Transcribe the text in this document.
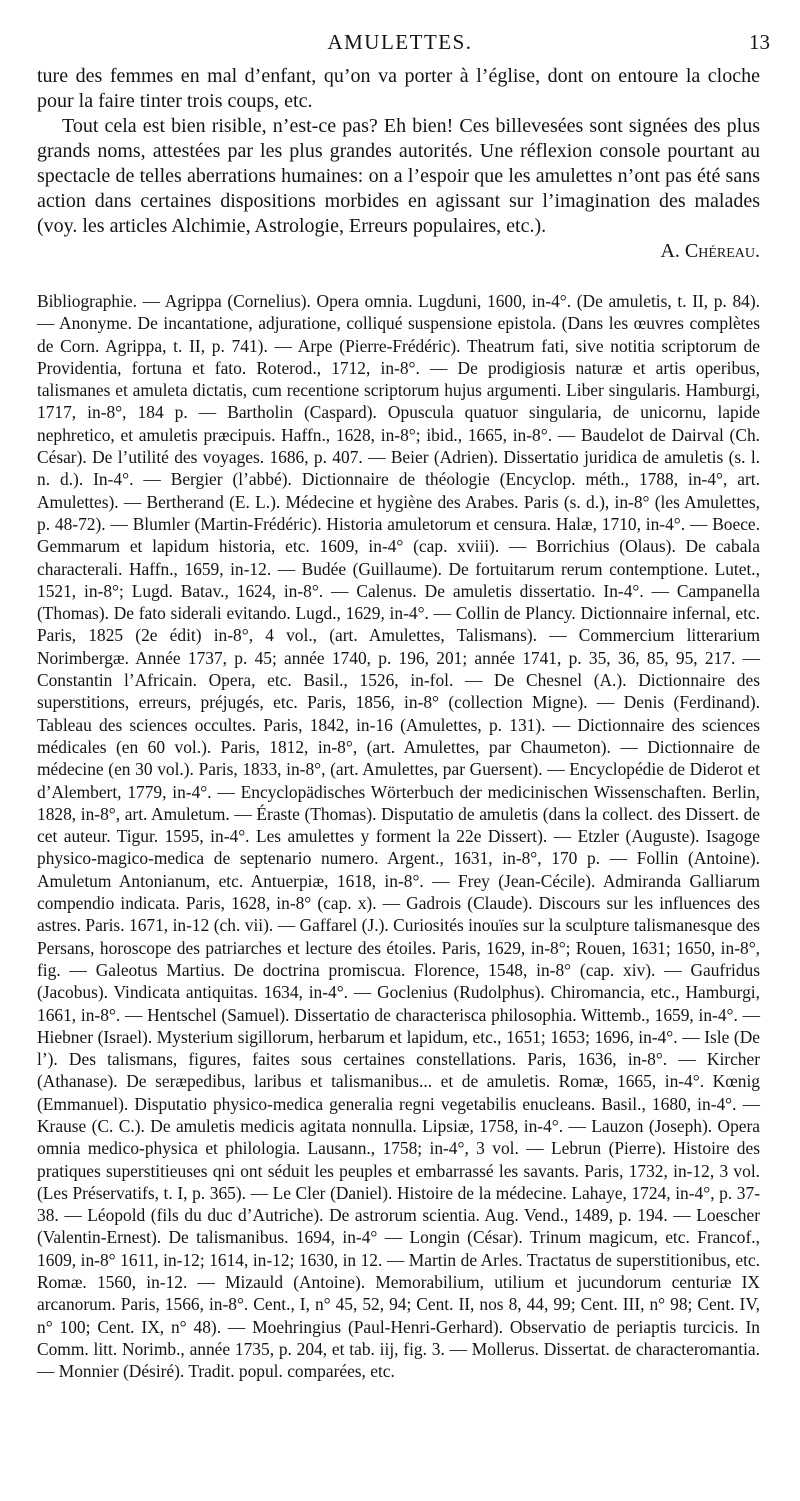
AMULETTES.	13

ture des femmes en mal d’enfant, qu’on va porter à l’église, dont on entoure la cloche pour la faire tinter trois coups, etc.

Tout cela est bien risible, n’est-ce pas? Eh bien! Ces billevesées sont signées des plus grands noms, attestées par les plus grandes autorités. Une réflexion console pourtant au spectacle de telles aberrations humaines: on a l’espoir que les amulettes n’ont pas été sans action dans certaines dispositions morbides en agissant sur l’imagination des malades (voy. les articles Alchimie, Astrologie, Erreurs populaires, etc.).

A. Chéreau.

Bibliographie. — Agrippa (Cornelius). Opera omnia. Lugduni, 1600, in-4°. (De amuletis, t. II, p. 84). — Anonyme. De incantatione, adjuratione, colliqué suspensione epistola. (Dans les œuvres complètes de Corn. Agrippa, t. II, p. 741). — Arpe (Pierre-Frédéric). Theatrum fati, sive notitia scriptorum de Providentia, fortuna et fato. Roterod., 1712, in-8°. — De prodigiosis naturæ et artis operibus, talismanes et amuleta dictatis, cum recentione scriptorum hujus argumenti. Liber singularis. Hamburgi, 1717, in-8°, 184 p. — Bartholin (Caspard). Opuscula quatuor singularia, de unicornu, lapide nephretico, et amuletis præcipuis. Haffn., 1628, in-8°; ibid., 1665, in-8°. — Baudelot de Dairval (Ch. César). De l’utilité des voyages. 1686, p. 407. — Beier (Adrien). Dissertatio juridica de amuletis (s. l. n. d.). In-4°. — Bergier (l’abbé). Dictionnaire de théologie (Encyclop. méth., 1788, in-4°, art. Amulettes). — Bertherand (E. L.). Médecine et hygiène des Arabes. Paris (s. d.), in-8° (les Amulettes, p. 48-72). — Blumler (Martin-Frédéric). Historia amuletorum et censura. Halæ, 1710, in-4°. — Boece. Gemmarum et lapidum historia, etc. 1609, in-4° (cap. xviii). — Borrichius (Olaus). De cabala characterali. Haffn., 1659, in-12. — Budée (Guillaume). De fortuitarum rerum contemptione. Lutet., 1521, in-8°; Lugd. Batav., 1624, in-8°. — Calenus. De amuletis dissertatio. In-4°. — Campanella (Thomas). De fato siderali evitando. Lugd., 1629, in-4°. — Collin de Plancy. Dictionnaire infernal, etc. Paris, 1825 (2e édit) in-8°, 4 vol., (art. Amulettes, Talismans). — Commercium litterarium Norimbergæ. Année 1737, p. 45; année 1740, p. 196, 201; année 1741, p. 35, 36, 85, 95, 217. — Constantin l’Africain. Opera, etc. Basil., 1526, in-fol. — De Chesnel (A.). Dictionnaire des superstitions, erreurs, préjugés, etc. Paris, 1856, in-8° (collection Migne). — Denis (Ferdinand). Tableau des sciences occultes. Paris, 1842, in-16 (Amulettes, p. 131). — Dictionnaire des sciences médicales (en 60 vol.). Paris, 1812, in-8°, (art. Amulettes, par Chaumeton). — Dictionnaire de médecine (en 30 vol.). Paris, 1833, in-8°, (art. Amulettes, par Guersent). — Encyclopédie de Diderot et d’Alembert, 1779, in-4°. — Encyclopädisches Wörterbuch der medicinischen Wissenschaften. Berlin, 1828, in-8°, art. Amuletum. — Éraste (Thomas). Disputatio de amuletis (dans la collect. des Dissert. de cet auteur. Tigur. 1595, in-4°. Les amulettes y forment la 22e Dissert). — Etzler (Auguste). Isagoge physico-magico-medica de septenario numero. Argent., 1631, in-8°, 170 p. — Follin (Antoine). Amuletum Antonianum, etc. Antuerpiæ, 1618, in-8°. — Frey (Jean-Cécile). Admiranda Galliarum compendio indicata. Paris, 1628, in-8° (cap. x). — Gadrois (Claude). Discours sur les influences des astres. Paris. 1671, in-12 (ch. vii). — Gaffarel (J.). Curiosités inouïes sur la sculpture talismanesque des Persans, horoscope des patriarches et lecture des étoiles. Paris, 1629, in-8°; Rouen, 1631; 1650, in-8°, fig. — Galeotus Martius. De doctrina promiscua. Florence, 1548, in-8° (cap. xiv). — Gaufridus (Jacobus). Vindicata antiquitas. 1634, in-4°. — Goclenius (Rudolphus). Chiromancia, etc., Hamburgi, 1661, in-8°. — Hentschel (Samuel). Dissertatio de characterisca philosophia. Wittemb., 1659, in-4°. — Hiebner (Israel). Mysterium sigillorum, herbarum et lapidum, etc., 1651; 1653; 1696, in-4°. — Isle (De l’). Des talismans, figures, faites sous certaines constellations. Paris, 1636, in-8°. — Kircher (Athanase). De seræpedibus, laribus et talismanibus... et de amuletis. Romæ, 1665, in-4°. Kœnig (Emmanuel). Disputatio physico-medica generalia regni vegetabilis enucleans. Basil., 1680, in-4°. — Krause (C. C.). De amuletis medicis agitata nonnulla. Lipsiæ, 1758, in-4°. — Lauzon (Joseph). Opera omnia medico-physica et philologia. Lausann., 1758; in-4°, 3 vol. — Lebrun (Pierre). Histoire des pratiques superstitieuses qni ont séduit les peuples et embarrassé les savants. Paris, 1732, in-12, 3 vol. (Les Préservatifs, t. I, p. 365). — Le Cler (Daniel). Histoire de la médecine. Lahaye, 1724, in-4°, p. 37-38. — Léopold (fils du duc d’Autriche). De astrorum scientia. Aug. Vend., 1489, p. 194. — Loescher (Valentin-Ernest). De talismanibus. 1694, in-4° — Longin (César). Trinum magicum, etc. Francof., 1609, in-8° 1611, in-12; 1614, in-12; 1630, in 12. — Martin de Arles. Tractatus de superstitionibus, etc. Romæ. 1560, in-12. — Mizauld (Antoine). Memorabilium, utilium et jucundorum centuriæ IX arcanorum. Paris, 1566, in-8°. Cent., I, n° 45, 52, 94; Cent. II, nos 8, 44, 99; Cent. III, n° 98; Cent. IV, n° 100; Cent. IX, n° 48). — Moehringius (Paul-Henri-Gerhard). Observatio de periaptis turcicis. In Comm. litt. Norimb., année 1735, p. 204, et tab. iij, fig. 3. — Mollerus. Dissertat. de characteromantia. — Monnier (Désiré). Tradit. popul. comparées, etc.
